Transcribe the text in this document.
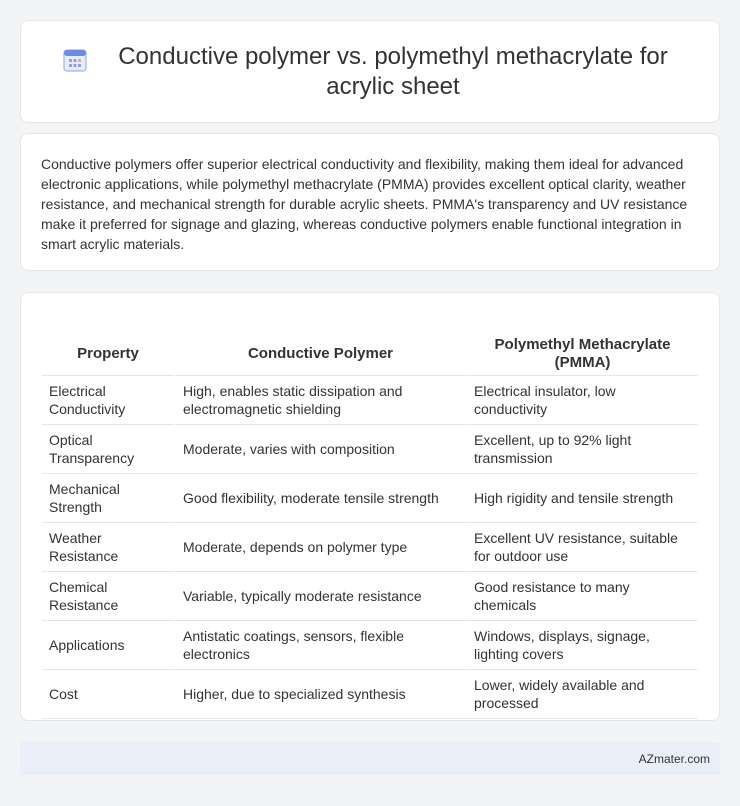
Conductive polymer vs. polymethyl methacrylate for acrylic sheet

Conductive polymers offer superior electrical conductivity and flexibility, making them ideal for advanced electronic applications, while polymethyl methacrylate (PMMA) provides excellent optical clarity, weather resistance, and mechanical strength for durable acrylic sheets. PMMA's transparency and UV resistance make it preferred for signage and glazing, whereas conductive polymers enable functional integration in smart acrylic materials.

Property	Conductive Polymer	Polymethyl Methacrylate (PMMA)
Electrical Conductivity	High, enables static dissipation and electromagnetic shielding	Electrical insulator, low conductivity
Optical Transparency	Moderate, varies with composition	Excellent, up to 92% light transmission
Mechanical Strength	Good flexibility, moderate tensile strength	High rigidity and tensile strength
Weather Resistance	Moderate, depends on polymer type	Excellent UV resistance, suitable for outdoor use
Chemical Resistance	Variable, typically moderate resistance	Good resistance to many chemicals
Applications	Antistatic coatings, sensors, flexible electronics	Windows, displays, signage, lighting covers
Cost	Higher, due to specialized synthesis	Lower, widely available and processed
AZmater.com
